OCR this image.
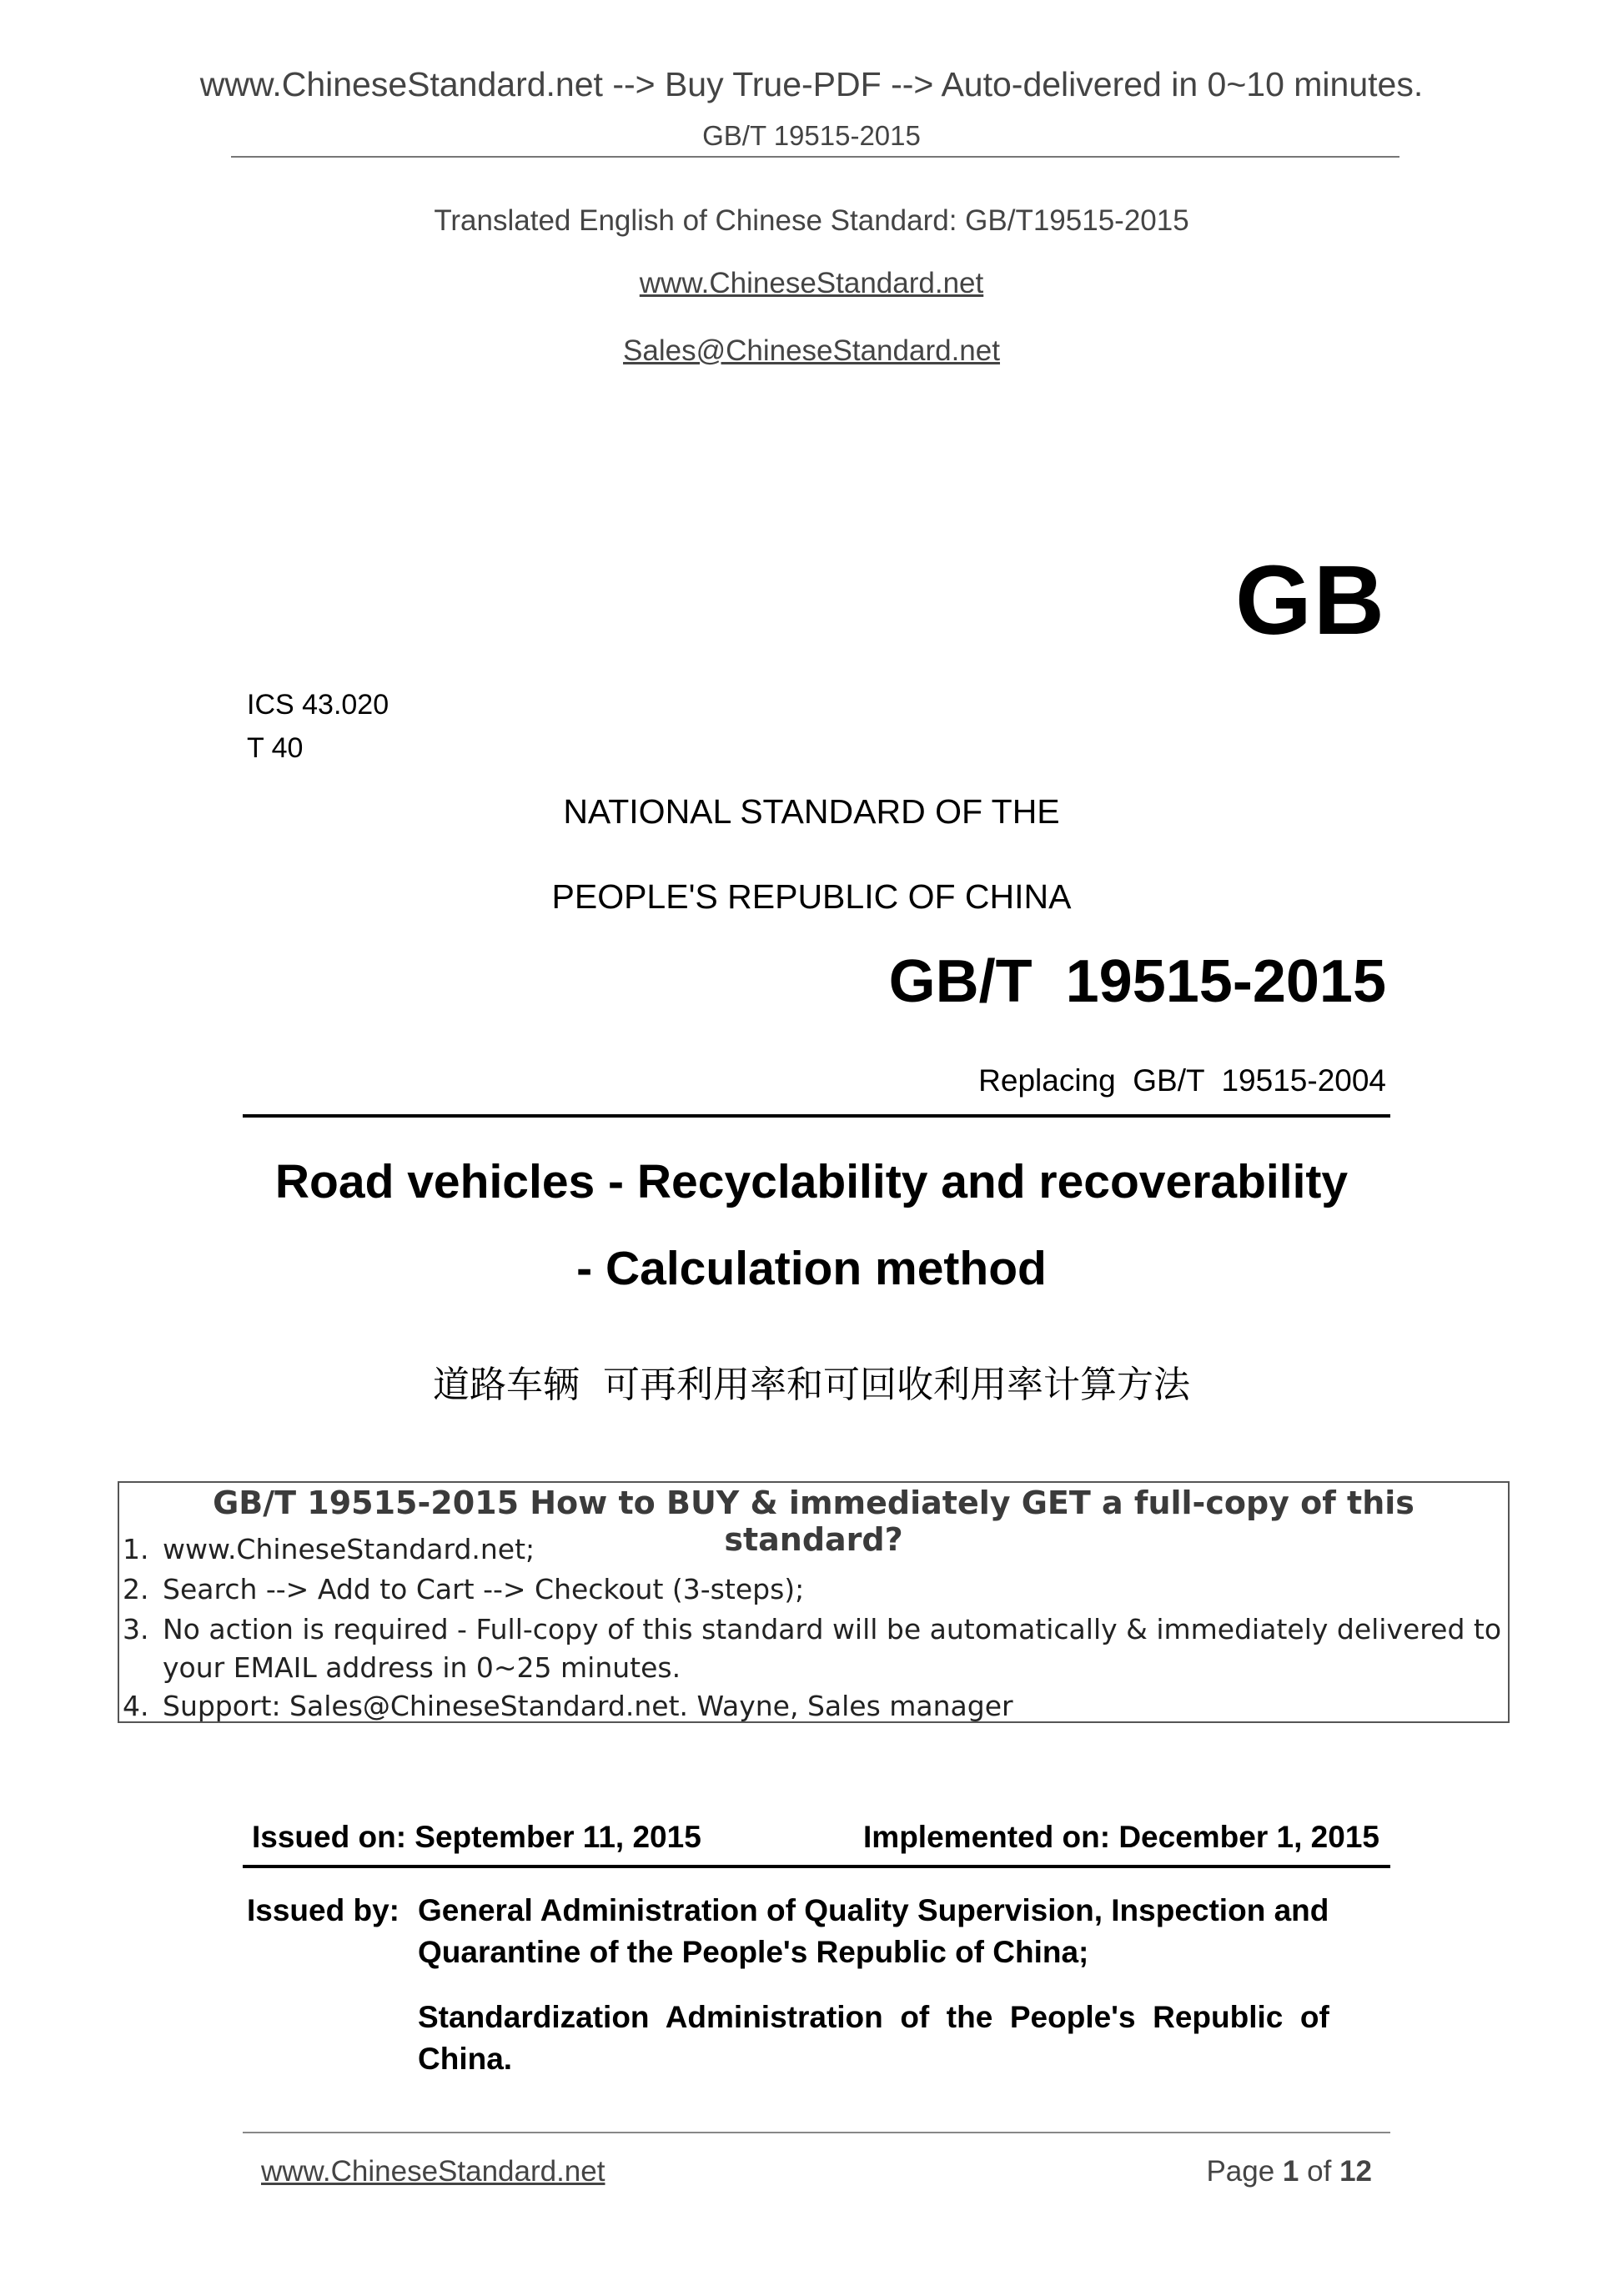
www.ChineseStandard.net --> Buy True-PDF --> Auto-delivered in 0~10 minutes.
GB/T 19515-2015
Translated English of Chinese Standard: GB/T19515-2015
www.ChineseStandard.net
Sales@ChineseStandard.net
GB
ICS 43.020
T 40
NATIONAL STANDARD OF THE
PEOPLE'S REPUBLIC OF CHINA
GB/T  19515-2015
Replacing  GB/T  19515-2004
Road vehicles - Recyclability and recoverability
- Calculation method
道路车辆  可再利用率和可回收利用率计算方法
GB/T 19515-2015 How to BUY & immediately GET a full-copy of this standard?
1. www.ChineseStandard.net;
2. Search --> Add to Cart --> Checkout (3-steps);
3. No action is required - Full-copy of this standard will be automatically & immediately delivered to
your EMAIL address in 0~25 minutes.
4. Support: Sales@ChineseStandard.net. Wayne, Sales manager
Issued on: September 11, 2015	Implemented on: December 1, 2015
Issued by: General Administration of Quality Supervision, Inspection and
Quarantine of the People's Republic of China;
Standardization  Administration  of  the  People's  Republic  of
China.
www.ChineseStandard.net	Page 1 of 12
